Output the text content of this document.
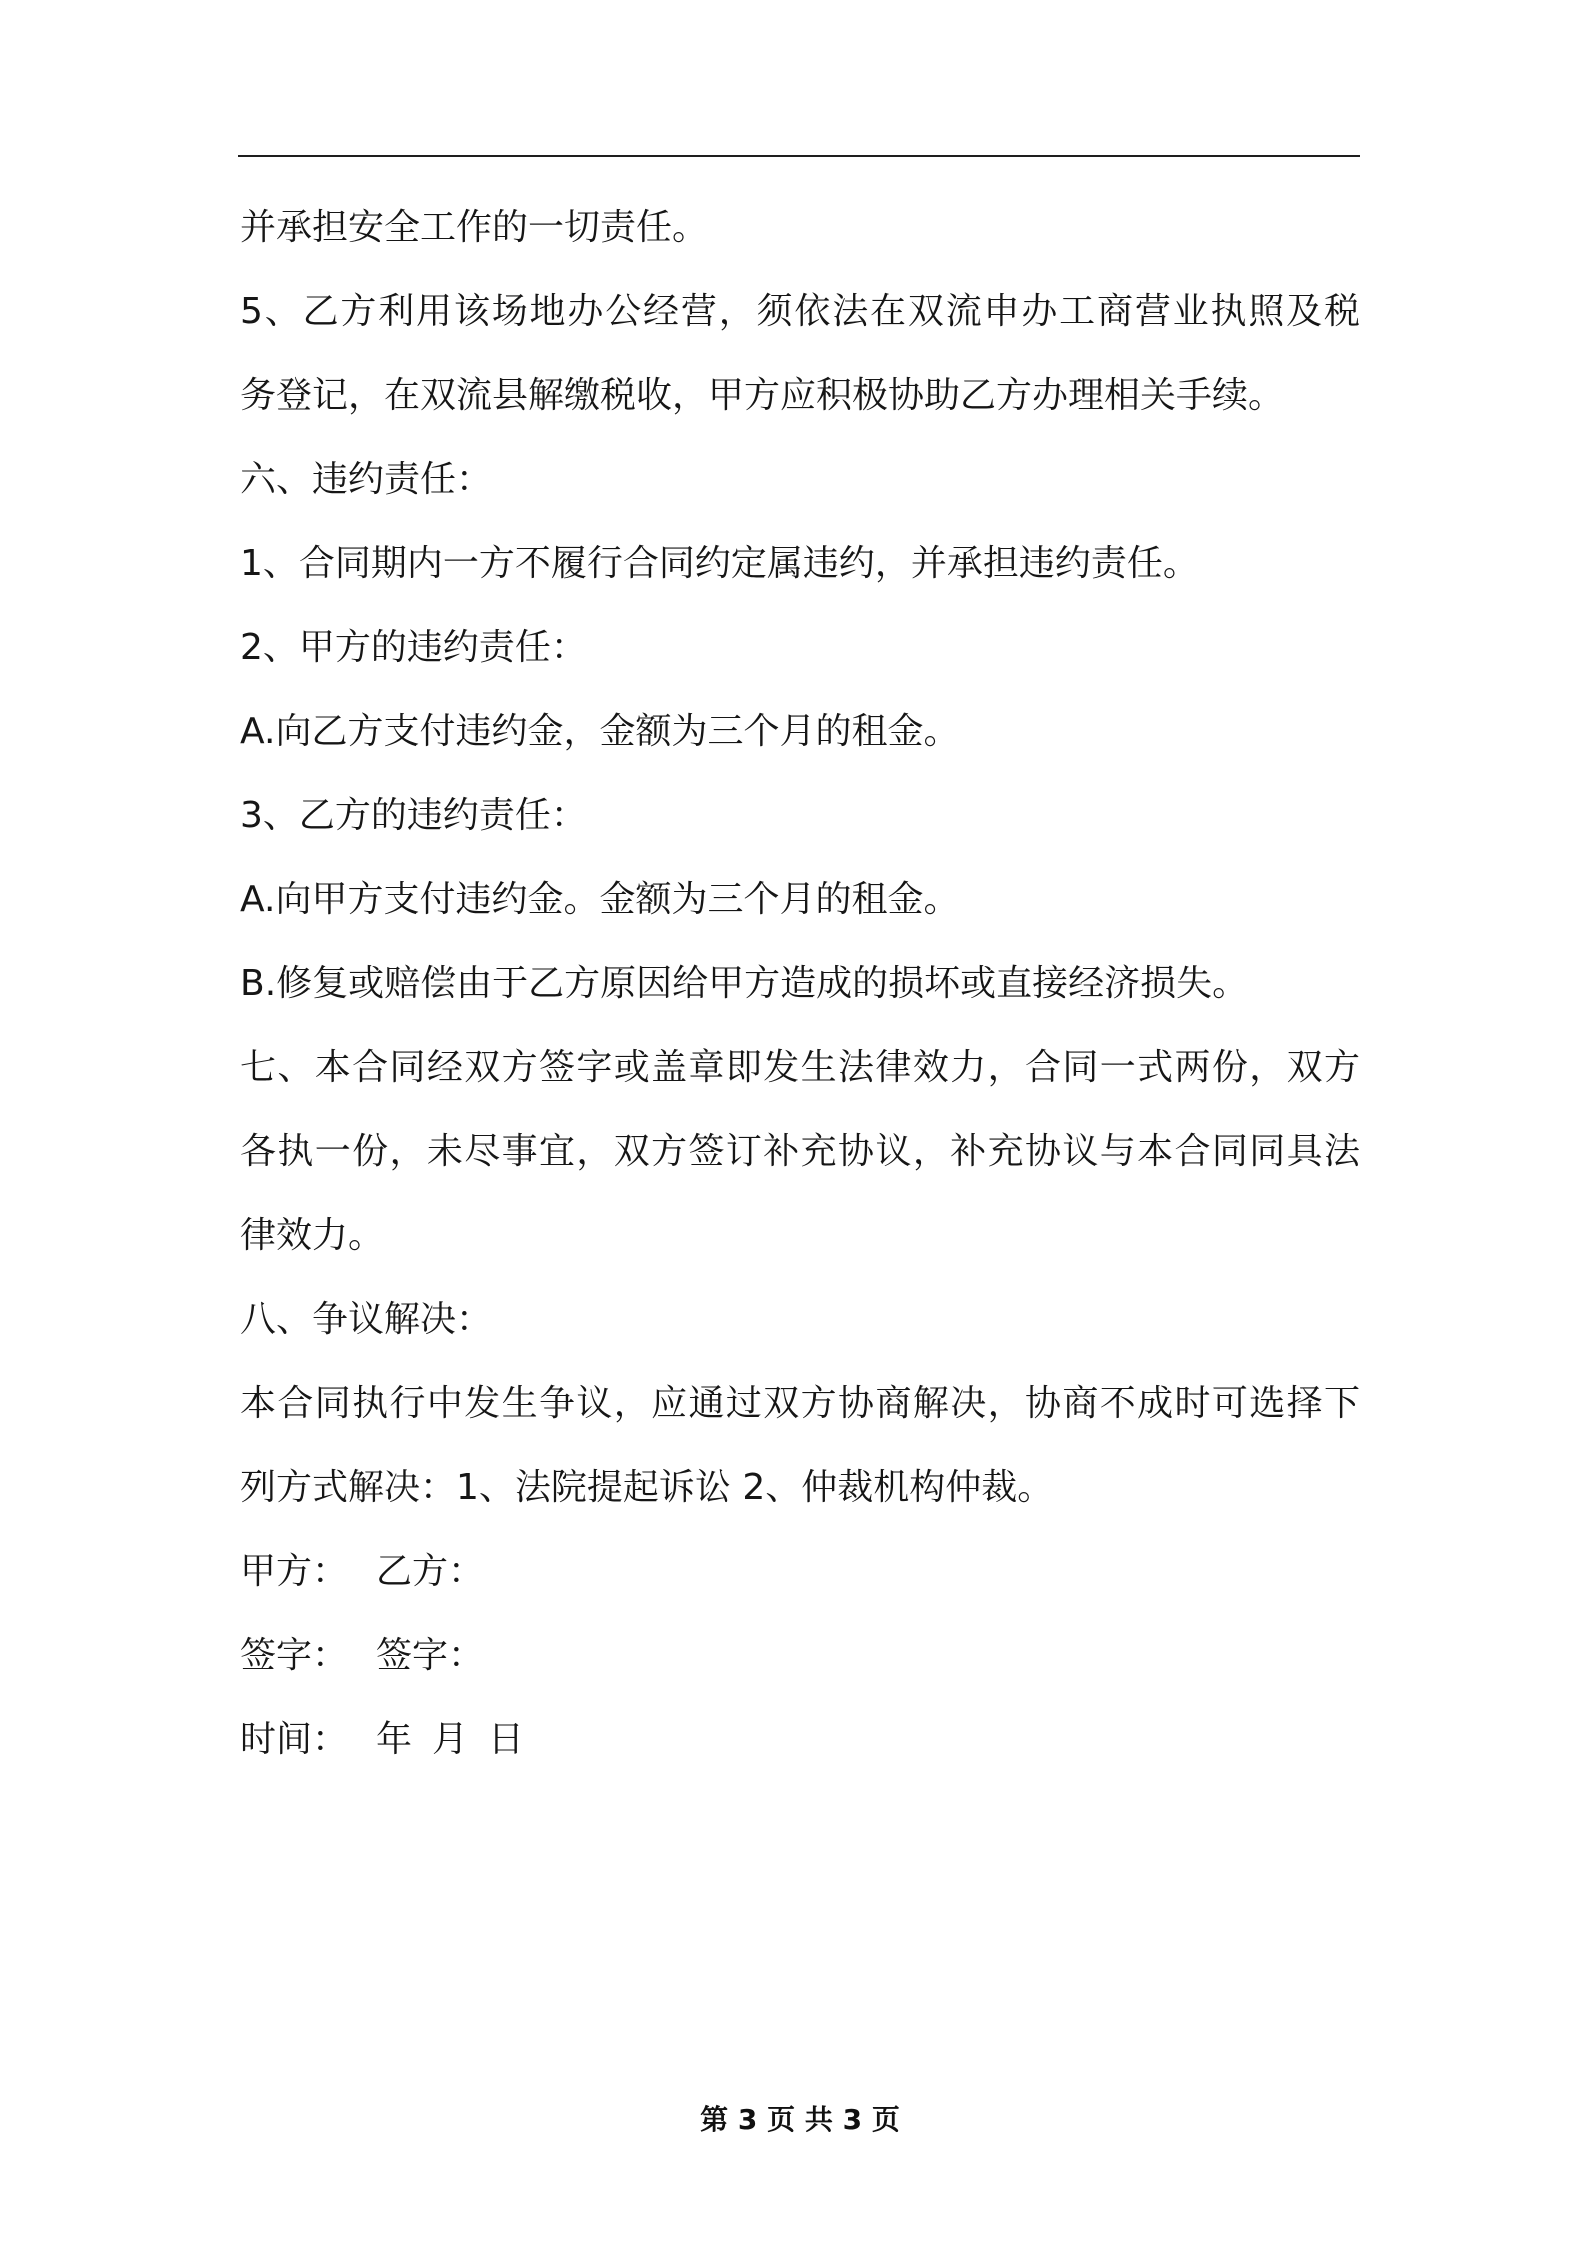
并承担安全工作的一切责任。
5、乙方利用该场地办公经营，须依法在双流申办工商营业执照及税
务登记，在双流县解缴税收，甲方应积极协助乙方办理相关手续。
六、违约责任：
1、合同期内一方不履行合同约定属违约，并承担违约责任。
2、甲方的违约责任：
A.向乙方支付违约金，金额为三个月的租金。
3、乙方的违约责任：
A.向甲方支付违约金。金额为三个月的租金。
B.修复或赔偿由于乙方原因给甲方造成的损坏或直接经济损失。
七、本合同经双方签字或盖章即发生法律效力，合同一式两份，双方
各执一份，未尽事宜，双方签订补充协议，补充协议与本合同同具法
律效力。
八、争议解决：
本合同执行中发生争议，应通过双方协商解决，协商不成时可选择下
列方式解决：1、法院提起诉讼 2、仲裁机构仲裁。
甲方： 乙方：
签字： 签字：
时间： 年 月 日
第 3 页 共 3 页
